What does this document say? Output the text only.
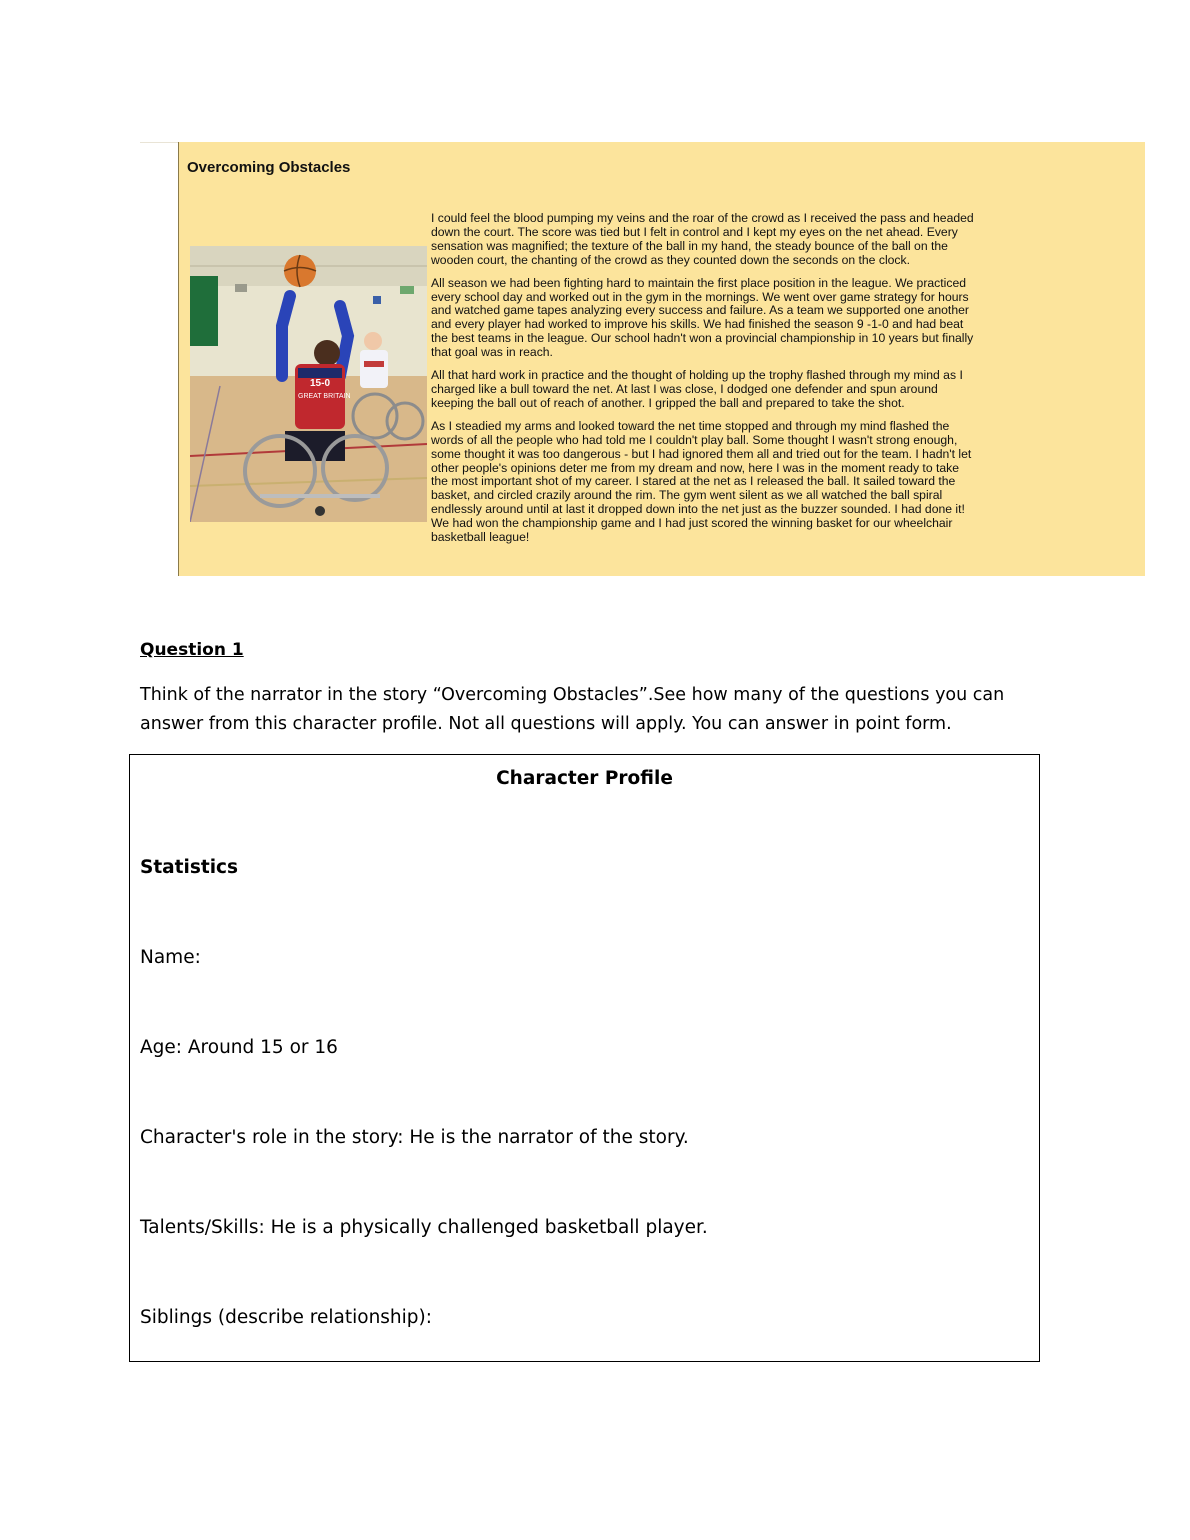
Overcoming Obstacles
15-0
GREAT BRITAIN

I could feel the blood pumping my veins and the roar of the crowd as I received the pass and headed down the court. The score was tied but I felt in control and I kept my eyes on the net ahead. Every sensation was magnified; the texture of the ball in my hand, the steady bounce of the ball on the wooden court, the chanting of the crowd as they counted down the seconds on the clock.

All season we had been fighting hard to maintain the first place position in the league. We practiced every school day and worked out in the gym in the mornings. We went over game strategy for hours and watched game tapes analyzing every success and failure. As a team we supported one another and every player had worked to improve his skills. We had finished the season 9 -1-0 and had beat the best teams in the league. Our school hadn't won a provincial championship in 10 years but finally that goal was in reach.

All that hard work in practice and the thought of holding up the trophy flashed through my mind as I charged like a bull toward the net. At last I was close, I dodged one defender and spun around keeping the ball out of reach of another. I gripped the ball and prepared to take the shot.

As I steadied my arms and looked toward the net time stopped and through my mind flashed the words of all the people who had told me I couldn't play ball. Some thought I wasn't strong enough, some thought it was too dangerous - but I had ignored them all and tried out for the team. I hadn't let other people's opinions deter me from my dream and now, here I was in the moment ready to take the most important shot of my career. I stared at the net as I released the ball. It sailed toward the basket, and circled crazily around the rim. The gym went silent as we all watched the ball spiral endlessly around until at last it dropped down into the net just as the buzzer sounded. I had done it! We had won the championship game and I had just scored the winning basket for our wheelchair basketball league!

Question 1
Think of the narrator in the story “Overcoming Obstacles”.See how many of the questions you can answer from this character profile. Not all questions will apply. You can answer in point form.
Character Profile
Statistics
Name:
Age: Around 15 or 16
Character's role in the story: He is the narrator of the story.
Talents/Skills: He is a physically challenged basketball player.
Siblings (describe relationship):
